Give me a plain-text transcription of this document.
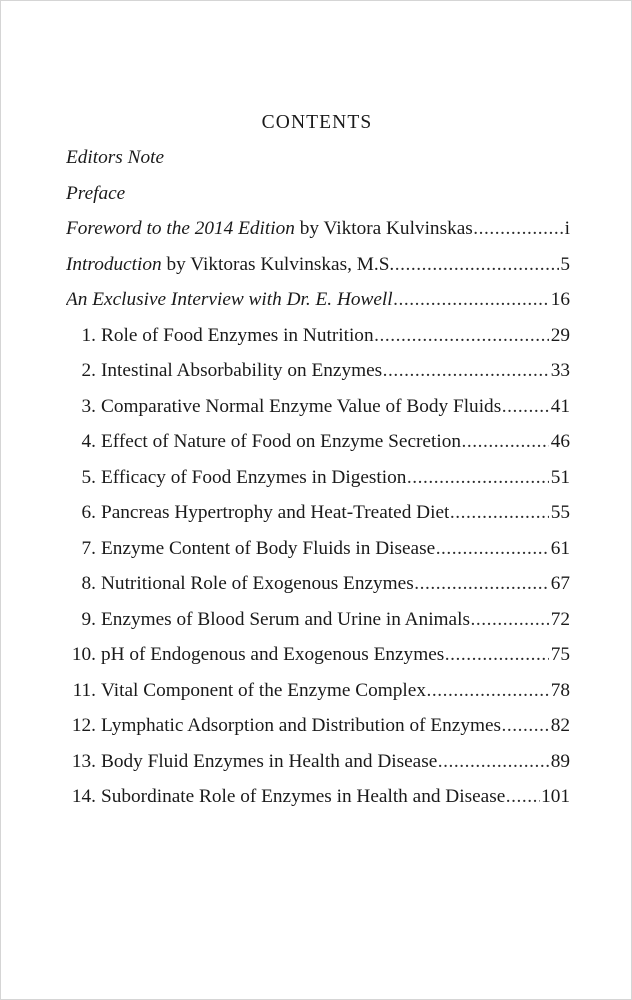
CONTENTS
Editors Note
Preface
Foreword to the 2014 Edition by Viktora Kulvinskas .....	i
Introduction by Viktoras Kulvinskas, M.S. .....	5
An Exclusive Interview with Dr. E. Howell .....	16
1. Role of Food Enzymes in Nutrition .....	29
2. Intestinal Absorbability on Enzymes .....	33
3. Comparative Normal Enzyme Value of Body Fluids .....	41
4. Effect of Nature of Food on Enzyme Secretion .....	46
5. Efficacy of Food Enzymes in Digestion .....	51
6. Pancreas Hypertrophy and Heat-Treated Diet .....	55
7. Enzyme Content of Body Fluids in Disease .....	61
8. Nutritional Role of Exogenous Enzymes .....	67
9. Enzymes of Blood Serum and Urine in Animals .....	72
10. pH of Endogenous and Exogenous Enzymes .....	75
11. Vital Component of the Enzyme Complex .....	78
12. Lymphatic Adsorption and Distribution of Enzymes .....	82
13. Body Fluid Enzymes in Health and Disease .....	89
14. Subordinate Role of Enzymes in Health and Disease ..... 101
